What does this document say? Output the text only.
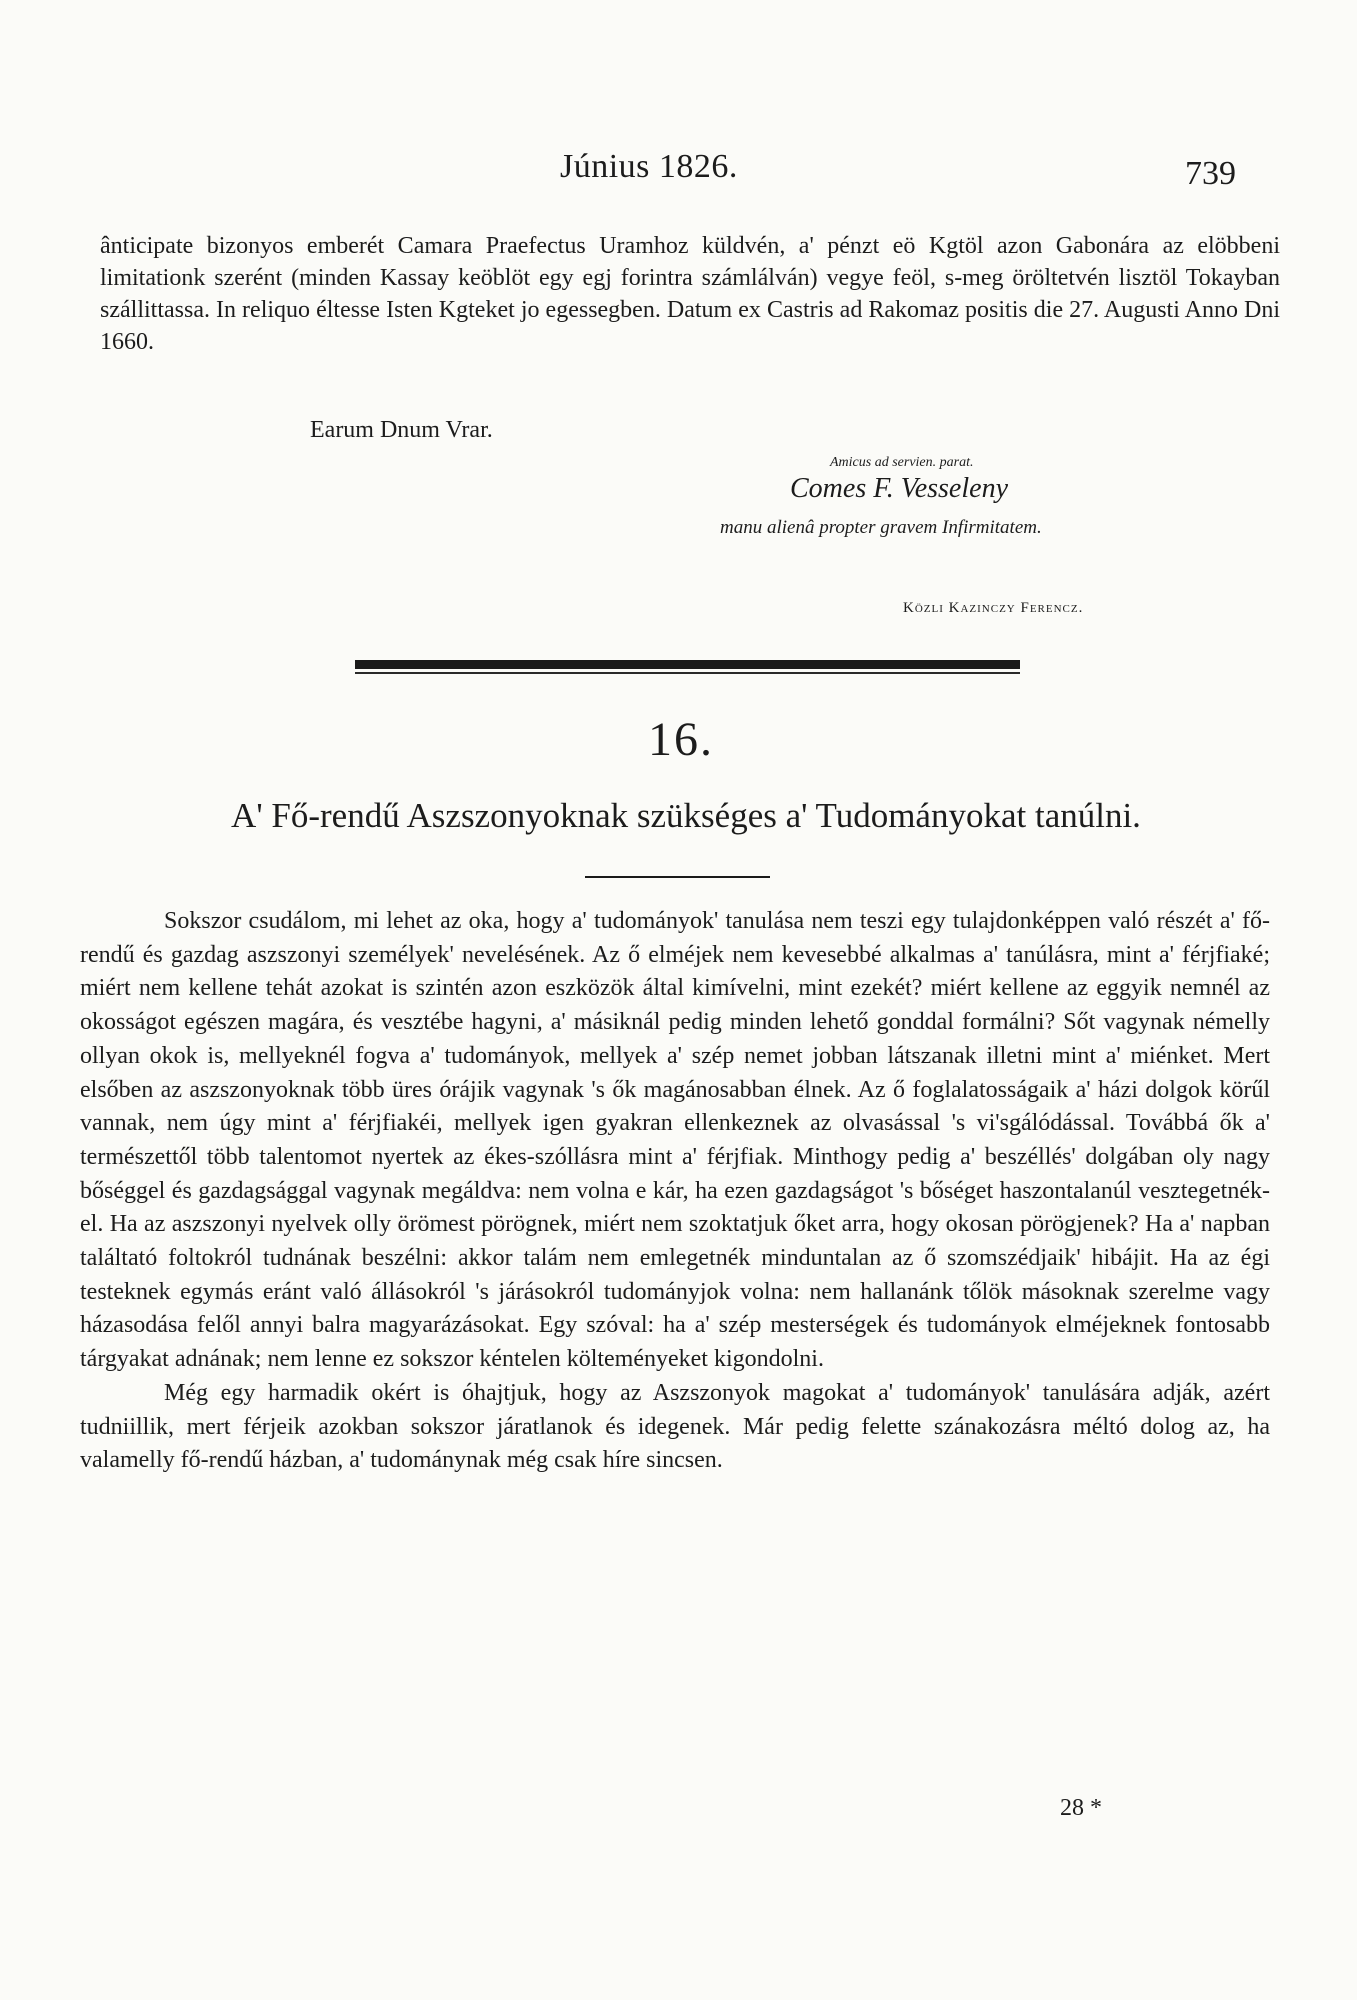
Június 1826.	739
ânticipate bizonyos emberét Camara Praefectus Uramhoz küldvén, a' pénzt eö Kgtöl azon Gabonára az elöbbeni limitationk szerént (minden Kassay keöblöt egy egj forintra számlálván) vegye feöl, s-meg öröltetvén lisztöl Tokayban szállittassa. In reliquo éltesse Isten Kgteket jo egessegben. Datum ex Castris ad Rakomaz positis die 27. Augusti Anno Dni 1660.
Earum Dnum Vrar.
Amicus ad servien. parat.
Comes F. Vesseleny
manu alienâ propter gravem Infirmitatem.
Közli Kazinczy Ferencz.
16.
A' Fő-rendű Aszszonyoknak szükséges a' Tudományokat tanúlni.

Sokszor csudálom, mi lehet az oka, hogy a' tudományok' tanulása nem teszi egy tulajdonképpen való részét a' fő-rendű és gazdag aszszonyi személyek' nevelésének. Az ő elméjek nem kevesebbé alkalmas a' tanúlásra, mint a' férjfiaké; miért nem kellene tehát azokat is szintén azon eszközök által kimívelni, mint ezekét? miért kellene az eggyik nemnél az okosságot egészen magára, és vesztébe hagyni, a' másiknál pedig minden lehető gonddal formálni? Sőt vagynak némelly ollyan okok is, mellyeknél fogva a' tudományok, mellyek a' szép nemet jobban látszanak illetni mint a' miénket. Mert elsőben az aszszonyoknak több üres órájik vagynak 's ők magánosabban élnek. Az ő foglalatosságaik a' házi dolgok körűl vannak, nem úgy mint a' férjfiakéi, mellyek igen gyakran ellenkeznek az olvasással 's vi'sgálódással. Továbbá ők a' természettől több talentomot nyertek az ékes-szóllásra mint a' férjfiak. Minthogy pedig a' beszéllés' dolgában oly nagy bőséggel és gazdagsággal vagynak megáldva: nem volna e kár, ha ezen gazdagságot 's bőséget haszontalanúl vesztegetnék-el. Ha az aszszonyi nyelvek olly örömest pörögnek, miért nem szoktatjuk őket arra, hogy okosan pörögjenek? Ha a' napban találtató foltokról tudnának beszélni: akkor talám nem emlegetnék minduntalan az ő szomszédjaik' hibájit. Ha az égi testeknek egymás eránt való állásokról 's járásokról tudományjok volna: nem hallanánk tőlök másoknak szerelme vagy házasodása felől annyi balra magyarázásokat. Egy szóval: ha a' szép mesterségek és tudományok elméjeknek fontosabb tárgyakat adnának; nem lenne ez sokszor kéntelen költeményeket kigondolni.

Még egy harmadik okért is óhajtjuk, hogy az Aszszonyok magokat a' tudományok' tanulására adják, azért tudniillik, mert férjeik azokban sokszor járatlanok és idegenek. Már pedig felette szánakozásra méltó dolog az, ha valamelly fő-rendű házban, a' tudománynak még csak híre sincsen.

28 *
